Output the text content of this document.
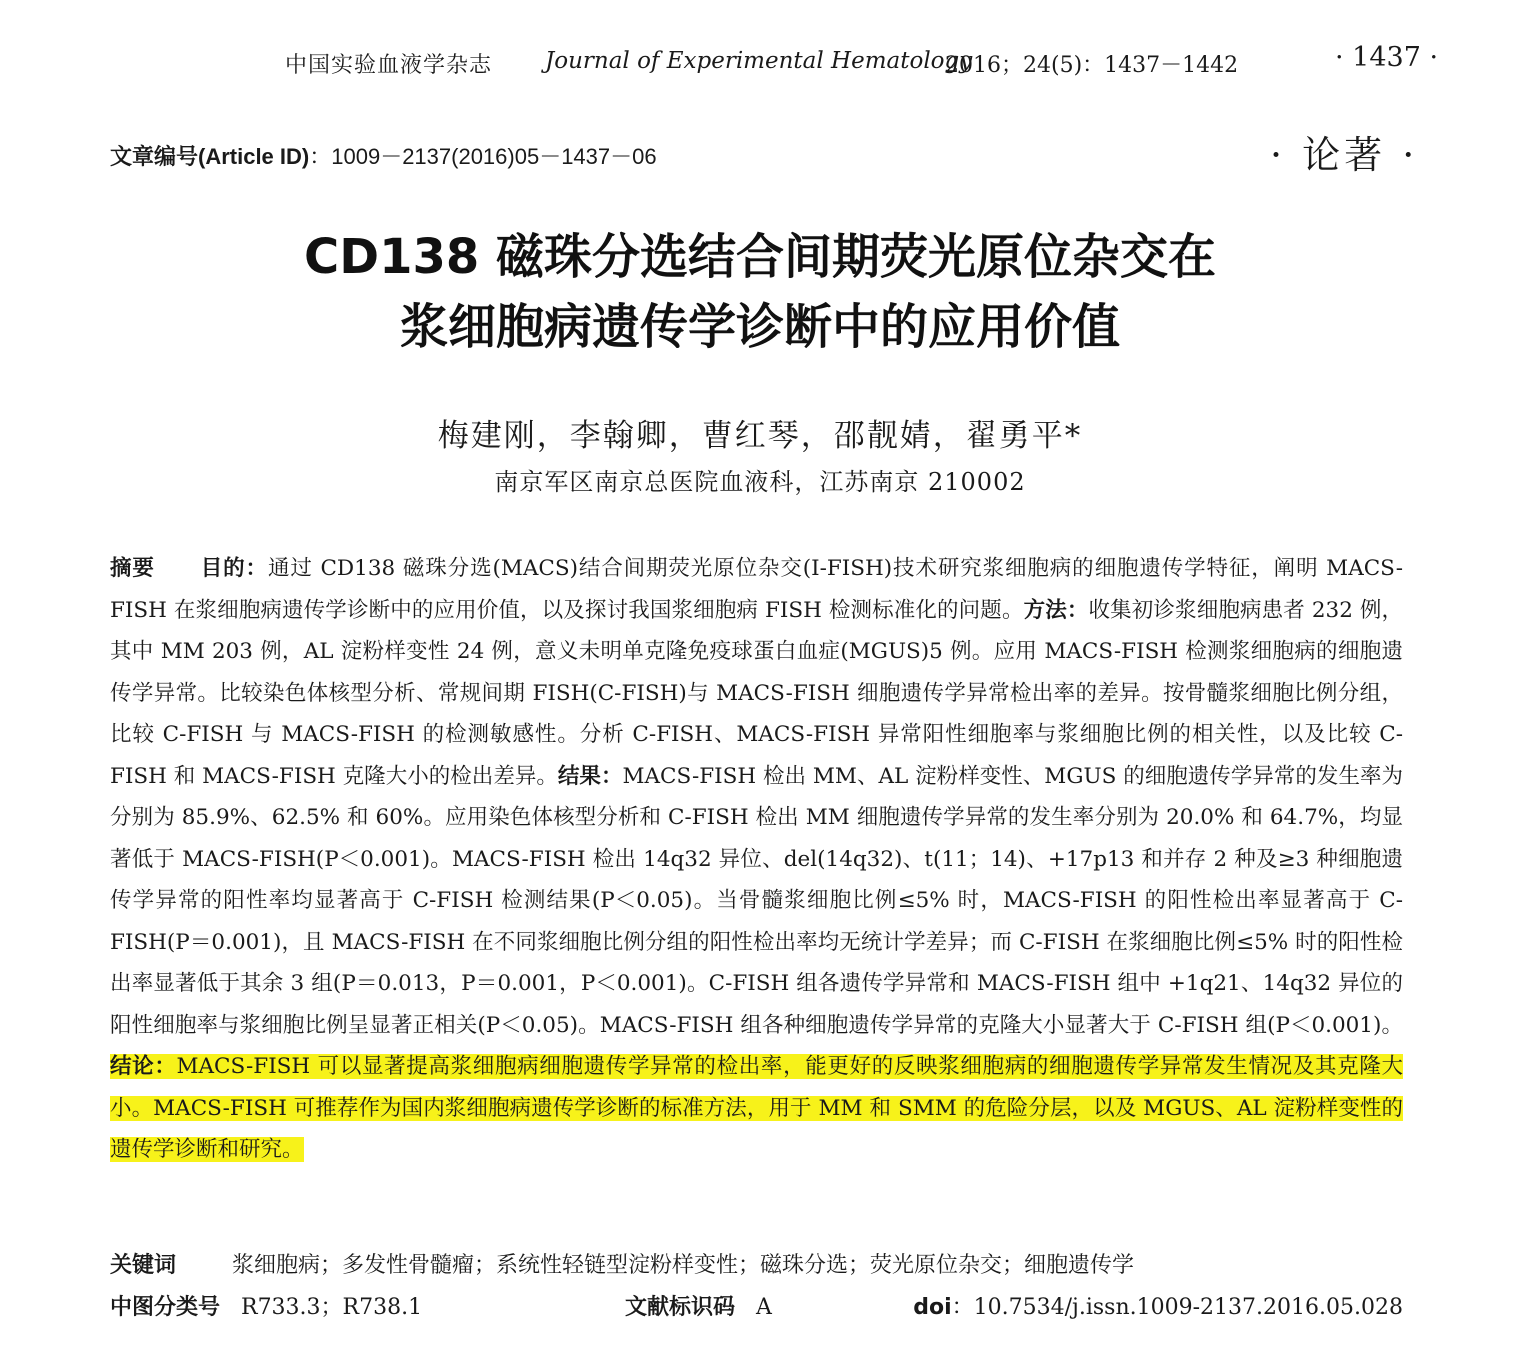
中国实验血液学杂志 Journal of Experimental Hematology
2016；24(5)：1437－1442	· 1437 ·
文章编号(Article ID)：1009－2137(2016)05－1437－06	· 论著 ·
CD138 磁珠分选结合间期荧光原位杂交在
浆细胞病遗传学诊断中的应用价值
梅建刚，李翰卿，曹红琴，邵靓婧，翟勇平*
南京军区南京总医院血液科，江苏南京 210002
摘要 目的：通过 CD138 磁珠分选(MACS)结合间期荧光原位杂交(I-FISH)技术研究浆细胞病的细胞遗传学特征，阐明 MACS-FISH 在浆细胞病遗传学诊断中的应用价值，以及探讨我国浆细胞病 FISH 检测标准化的问题。方法：收集初诊浆细胞病患者 232 例，其中 MM 203 例，AL 淀粉样变性 24 例，意义未明单克隆免疫球蛋白血症(MGUS)5 例。应用 MACS-FISH 检测浆细胞病的细胞遗传学异常。比较染色体核型分析、常规间期 FISH(C-FISH)与 MACS-FISH 细胞遗传学异常检出率的差异。按骨髓浆细胞比例分组，比较 C-FISH 与 MACS-FISH 的检测敏感性。分析 C-FISH、MACS-FISH 异常阳性细胞率与浆细胞比例的相关性，以及比较 C-FISH 和 MACS-FISH 克隆大小的检出差异。结果：MACS-FISH 检出 MM、AL 淀粉样变性、MGUS 的细胞遗传学异常的发生率为分别为 85.9%、62.5% 和 60%。应用染色体核型分析和 C-FISH 检出 MM 细胞遗传学异常的发生率分别为 20.0% 和 64.7%，均显著低于 MACS-FISH(P＜0.001)。MACS-FISH 检出 14q32 异位、del(14q32)、t(11；14)、+17p13 和并存 2 种及≥3 种细胞遗传学异常的阳性率均显著高于 C-FISH 检测结果(P＜0.05)。当骨髓浆细胞比例≤5% 时，MACS-FISH 的阳性检出率显著高于 C-FISH(P＝0.001)，且 MACS-FISH 在不同浆细胞比例分组的阳性检出率均无统计学差异；而 C-FISH 在浆细胞比例≤5% 时的阳性检出率显著低于其余 3 组(P＝0.013，P＝0.001，P＜0.001)。C-FISH 组各遗传学异常和 MACS-FISH 组中 +1q21、14q32 异位的阳性细胞率与浆细胞比例呈显著正相关(P＜0.05)。MACS-FISH 组各种细胞遗传学异常的克隆大小显著大于 C-FISH 组(P＜0.001)。结论：MACS-FISH 可以显著提高浆细胞病细胞遗传学异常的检出率，能更好的反映浆细胞病的细胞遗传学异常发生情况及其克隆大小。MACS-FISH 可推荐作为国内浆细胞病遗传学诊断的标准方法，用于 MM 和 SMM 的危险分层，以及 MGUS、AL 淀粉样变性的遗传学诊断和研究。
关键词	浆细胞病；多发性骨髓瘤；系统性轻链型淀粉样变性；磁珠分选；荧光原位杂交；细胞遗传学
中图分类号 R733.3；R738.1	文献标识码 A	doi：10.7534/j.issn.1009-2137.2016.05.028
